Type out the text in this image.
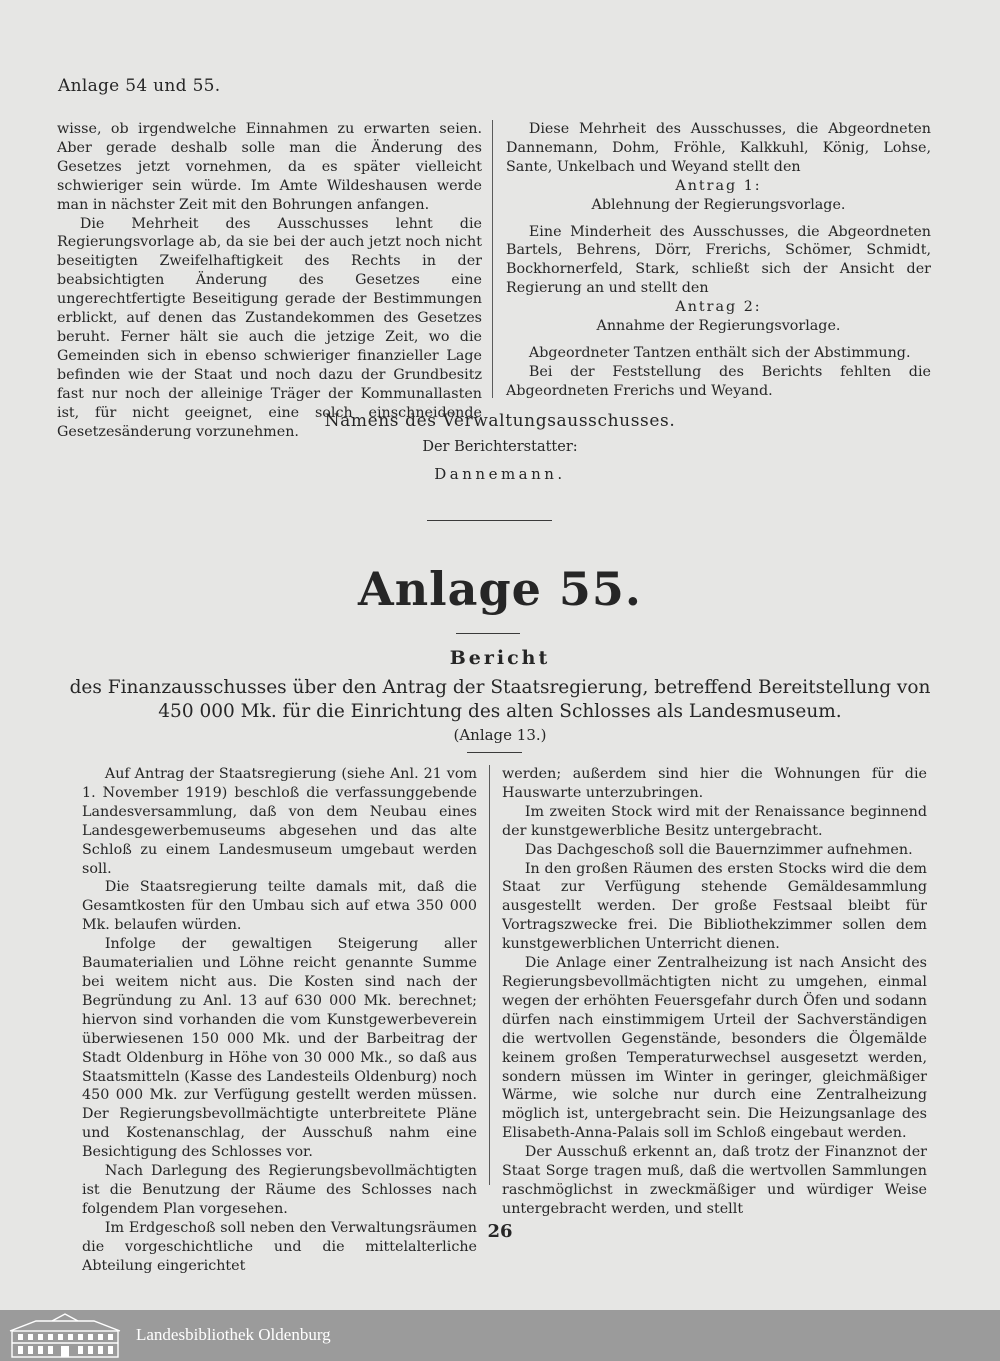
Anlage 54 und 55.

wisse, ob irgendwelche Einnahmen zu erwarten seien. Aber gerade deshalb solle man die Änderung des Gesetzes jetzt vornehmen, da es später vielleicht schwieriger sein würde. Im Amte Wildeshausen werde man in nächster Zeit mit den Bohrungen anfangen.

Die Mehrheit des Ausschusses lehnt die Regierungsvorlage ab, da sie bei der auch jetzt noch nicht beseitigten Zweifelhaftigkeit des Rechts in der beabsichtigten Änderung des Gesetzes eine ungerechtfertigte Beseitigung gerade der Bestimmungen erblickt, auf denen das Zustandekommen des Gesetzes beruht. Ferner hält sie auch die jetzige Zeit, wo die Gemeinden sich in ebenso schwieriger finanzieller Lage befinden wie der Staat und noch dazu der Grundbesitz fast nur noch der alleinige Träger der Kommunallasten ist, für nicht geeignet, eine solch einschneidende Gesetzesänderung vorzunehmen.

Diese Mehrheit des Ausschusses, die Abgeordneten Dannemann, Dohm, Fröhle, Kalkkuhl, König, Lohse, Sante, Unkelbach und Weyand stellt den

Antrag 1:

Ablehnung der Regierungsvorlage.

Eine Minderheit des Ausschusses, die Abgeordneten Bartels, Behrens, Dörr, Frerichs, Schömer, Schmidt, Bockhornerfeld, Stark, schließt sich der Ansicht der Regierung an und stellt den

Antrag 2:

Annahme der Regierungsvorlage.

Abgeordneter Tantzen enthält sich der Abstimmung.

Bei der Feststellung des Berichts fehlten die Abgeordneten Frerichs und Weyand.

Namens des Verwaltungsausschusses.
Der Berichterstatter:
Dannemann.
Anlage 55.
Bericht
des Finanzausschusses über den Antrag der Staatsregierung, betreffend Bereitstellung von 450 000 Mk. für die Einrichtung des alten Schlosses als Landesmuseum.
(Anlage 13.)

Auf Antrag der Staatsregierung (siehe Anl. 21 vom 1. November 1919) beschloß die verfassunggebende Landesversammlung, daß von dem Neubau eines Landesgewerbemuseums abgesehen und das alte Schloß zu einem Landesmuseum umgebaut werden soll.

Die Staatsregierung teilte damals mit, daß die Gesamtkosten für den Umbau sich auf etwa 350 000 Mk. belaufen würden.

Infolge der gewaltigen Steigerung aller Baumaterialien und Löhne reicht genannte Summe bei weitem nicht aus. Die Kosten sind nach der Begründung zu Anl. 13 auf 630 000 Mk. berechnet; hiervon sind vorhanden die vom Kunstgewerbeverein überwiesenen 150 000 Mk. und der Barbeitrag der Stadt Oldenburg in Höhe von 30 000 Mk., so daß aus Staatsmitteln (Kasse des Landesteils Oldenburg) noch 450 000 Mk. zur Verfügung gestellt werden müssen. Der Regierungsbevollmächtigte unterbreitete Pläne und Kostenanschlag, der Ausschuß nahm eine Besichtigung des Schlosses vor.

Nach Darlegung des Regierungsbevollmächtigten ist die Benutzung der Räume des Schlosses nach folgendem Plan vorgesehen.

Im Erdgeschoß soll neben den Verwaltungsräumen die vorgeschichtliche und die mittelalterliche Abteilung eingerichtet

werden; außerdem sind hier die Wohnungen für die Hauswarte unterzubringen.

Im zweiten Stock wird mit der Renaissance beginnend der kunstgewerbliche Besitz untergebracht.

Das Dachgeschoß soll die Bauernzimmer aufnehmen.

In den großen Räumen des ersten Stocks wird die dem Staat zur Verfügung stehende Gemäldesammlung ausgestellt werden. Der große Festsaal bleibt für Vortragszwecke frei. Die Bibliothekzimmer sollen dem kunstgewerblichen Unterricht dienen.

Die Anlage einer Zentralheizung ist nach Ansicht des Regierungsbevollmächtigten nicht zu umgehen, einmal wegen der erhöhten Feuersgefahr durch Öfen und sodann dürfen nach einstimmigem Urteil der Sachverständigen die wertvollen Gegenstände, besonders die Ölgemälde keinem großen Temperaturwechsel ausgesetzt werden, sondern müssen im Winter in geringer, gleichmäßiger Wärme, wie solche nur durch eine Zentralheizung möglich ist, untergebracht sein. Die Heizungsanlage des Elisabeth-Anna-Palais soll im Schloß eingebaut werden.

Der Ausschuß erkennt an, daß trotz der Finanznot der Staat Sorge tragen muß, daß die wertvollen Sammlungen raschmöglichst in zweckmäßiger und würdiger Weise untergebracht werden, und stellt

26
Landesbibliothek Oldenburg
